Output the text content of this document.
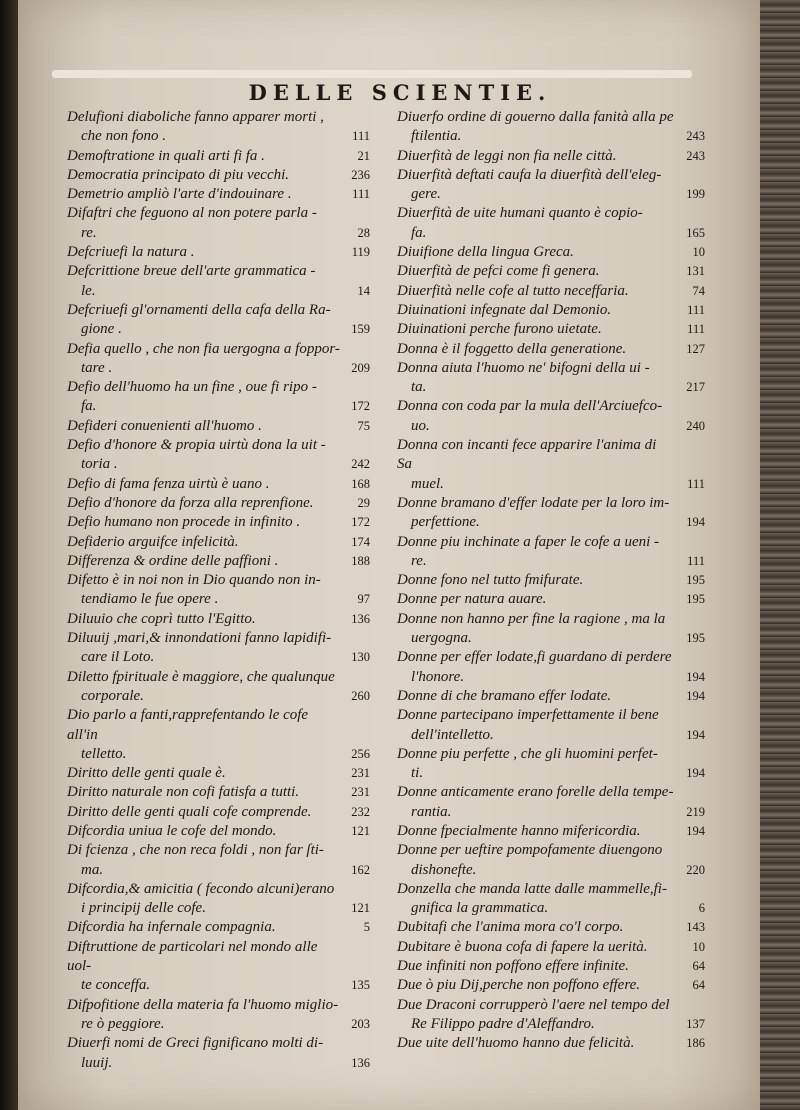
DELLE SCIENTIE.
Delufioni diaboliche fanno apparer morti ,
che non fono .	111
Demoftratione in quali arti fi fa .	21
Democratia principato di piu vecchi.	236
Demetrio ampliò l'arte d'indouinare .	111
Difaftri che feguono al non potere parla -
re.	28
Defcriuefi la natura .	119
Defcrittione breue dell'arte grammatica -
le.	14
Defcriuefi gl'ornamenti della cafa della Ra-
gione .	159
Defia quello , che non fia uergogna a foppor-
tare .	209
Defio dell'huomo ha un fine , oue fi ripo -
fa.	172
Defideri conuenienti all'huomo .	75
Defio d'honore & propia uirtù dona la uit -
toria .	242
Defio di fama fenza uirtù è uano .	168
Defio d'honore da forza alla reprenfione.	29
Defio humano non procede in infinito .	172
Defiderio arguifce infelicità.	174
Differenza & ordine delle paffioni .	188
Difetto è in noi non in Dio quando non in-
tendiamo le fue opere .	97
Diluuio che coprì tutto l'Egitto.	136
Diluuij ,mari,& innondationi fanno lapidifi-
care il Loto.	130
Diletto fpirituale è maggiore, che qualunque
corporale.	260
Dio parlo a fanti,rapprefentando le cofe all'in
telletto.	256
Diritto delle genti quale è.	231
Diritto naturale non cofi fatisfa a tutti.	231
Diritto delle genti quali cofe comprende.	232
Difcordia uniua le cofe del mondo.	121
Di fcienza , che non reca foldi , non far ſti-
ma.	162
Difcordia,& amicitia ( fecondo alcuni)erano
i principij delle cofe.	121
Difcordia ha infernale compagnia.	5
Diftruttione de particolari nel mondo alle uol-
te conceffa.	135
Difpofitione della materia fa l'huomo miglio-
re ò peggiore.	203
Diuerfi nomi de Greci fignificano molti di-
luuij.	136
Diuerfo ordine di gouerno dalla fanità alla pe
ftilentia.	243
Diuerfità de leggi non fia nelle città.	243
Diuerfità deftati caufa la diuerfità dell'eleg-
gere.	199
Diuerfità de uite humani quanto è copio-
fa.	165
Diuifione della lingua Greca.	10
Diuerfità de pefci come fi genera.	131
Diuerfità nelle cofe al tutto neceffaria.	74
Diuinationi infegnate dal Demonio.	111
Diuinationi perche furono uietate.	111
Donna è il foggetto della generatione.	127
Donna aiuta l'huomo ne' bifogni della ui -
ta.	217
Donna con coda par la mula dell'Arciuefco-
uo.	240
Donna con incanti fece apparire l'anima di Sa
muel.	111
Donne bramano d'effer lodate per la loro im-
perfettione.	194
Donne piu inchinate a faper le cofe a ueni -
re.	111
Donne fono nel tutto fmifurate.	195
Donne per natura auare.	195
Donne non hanno per fine la ragione , ma la
uergogna.	195
Donne per effer lodate,fi guardano di perdere
l'honore.	194
Donne di che bramano effer lodate.	194
Donne partecipano imperfettamente il bene
dell'intelletto.	194
Donne piu perfette , che gli huomini perfet-
ti.	194
Donne anticamente erano forelle della tempe-
rantia.	219
Donne fpecialmente hanno mifericordia.	194
Donne per ueftire pompofamente diuengono
dishonefte.	220
Donzella che manda latte dalle mammelle,fi-
gnifica la grammatica.	6
Dubitafi che l'anima mora co'l corpo.	143
Dubitare è buona cofa di fapere la uerità.	10
Due infiniti non poffono effere infinite.	64
Due ò piu Dij,perche non poffono effere.	64
Due Draconi corrupperò l'aere nel tempo del
Re Filippo padre d'Aleffandro.	137
Due uite dell'huomo hanno due felicità.	186
